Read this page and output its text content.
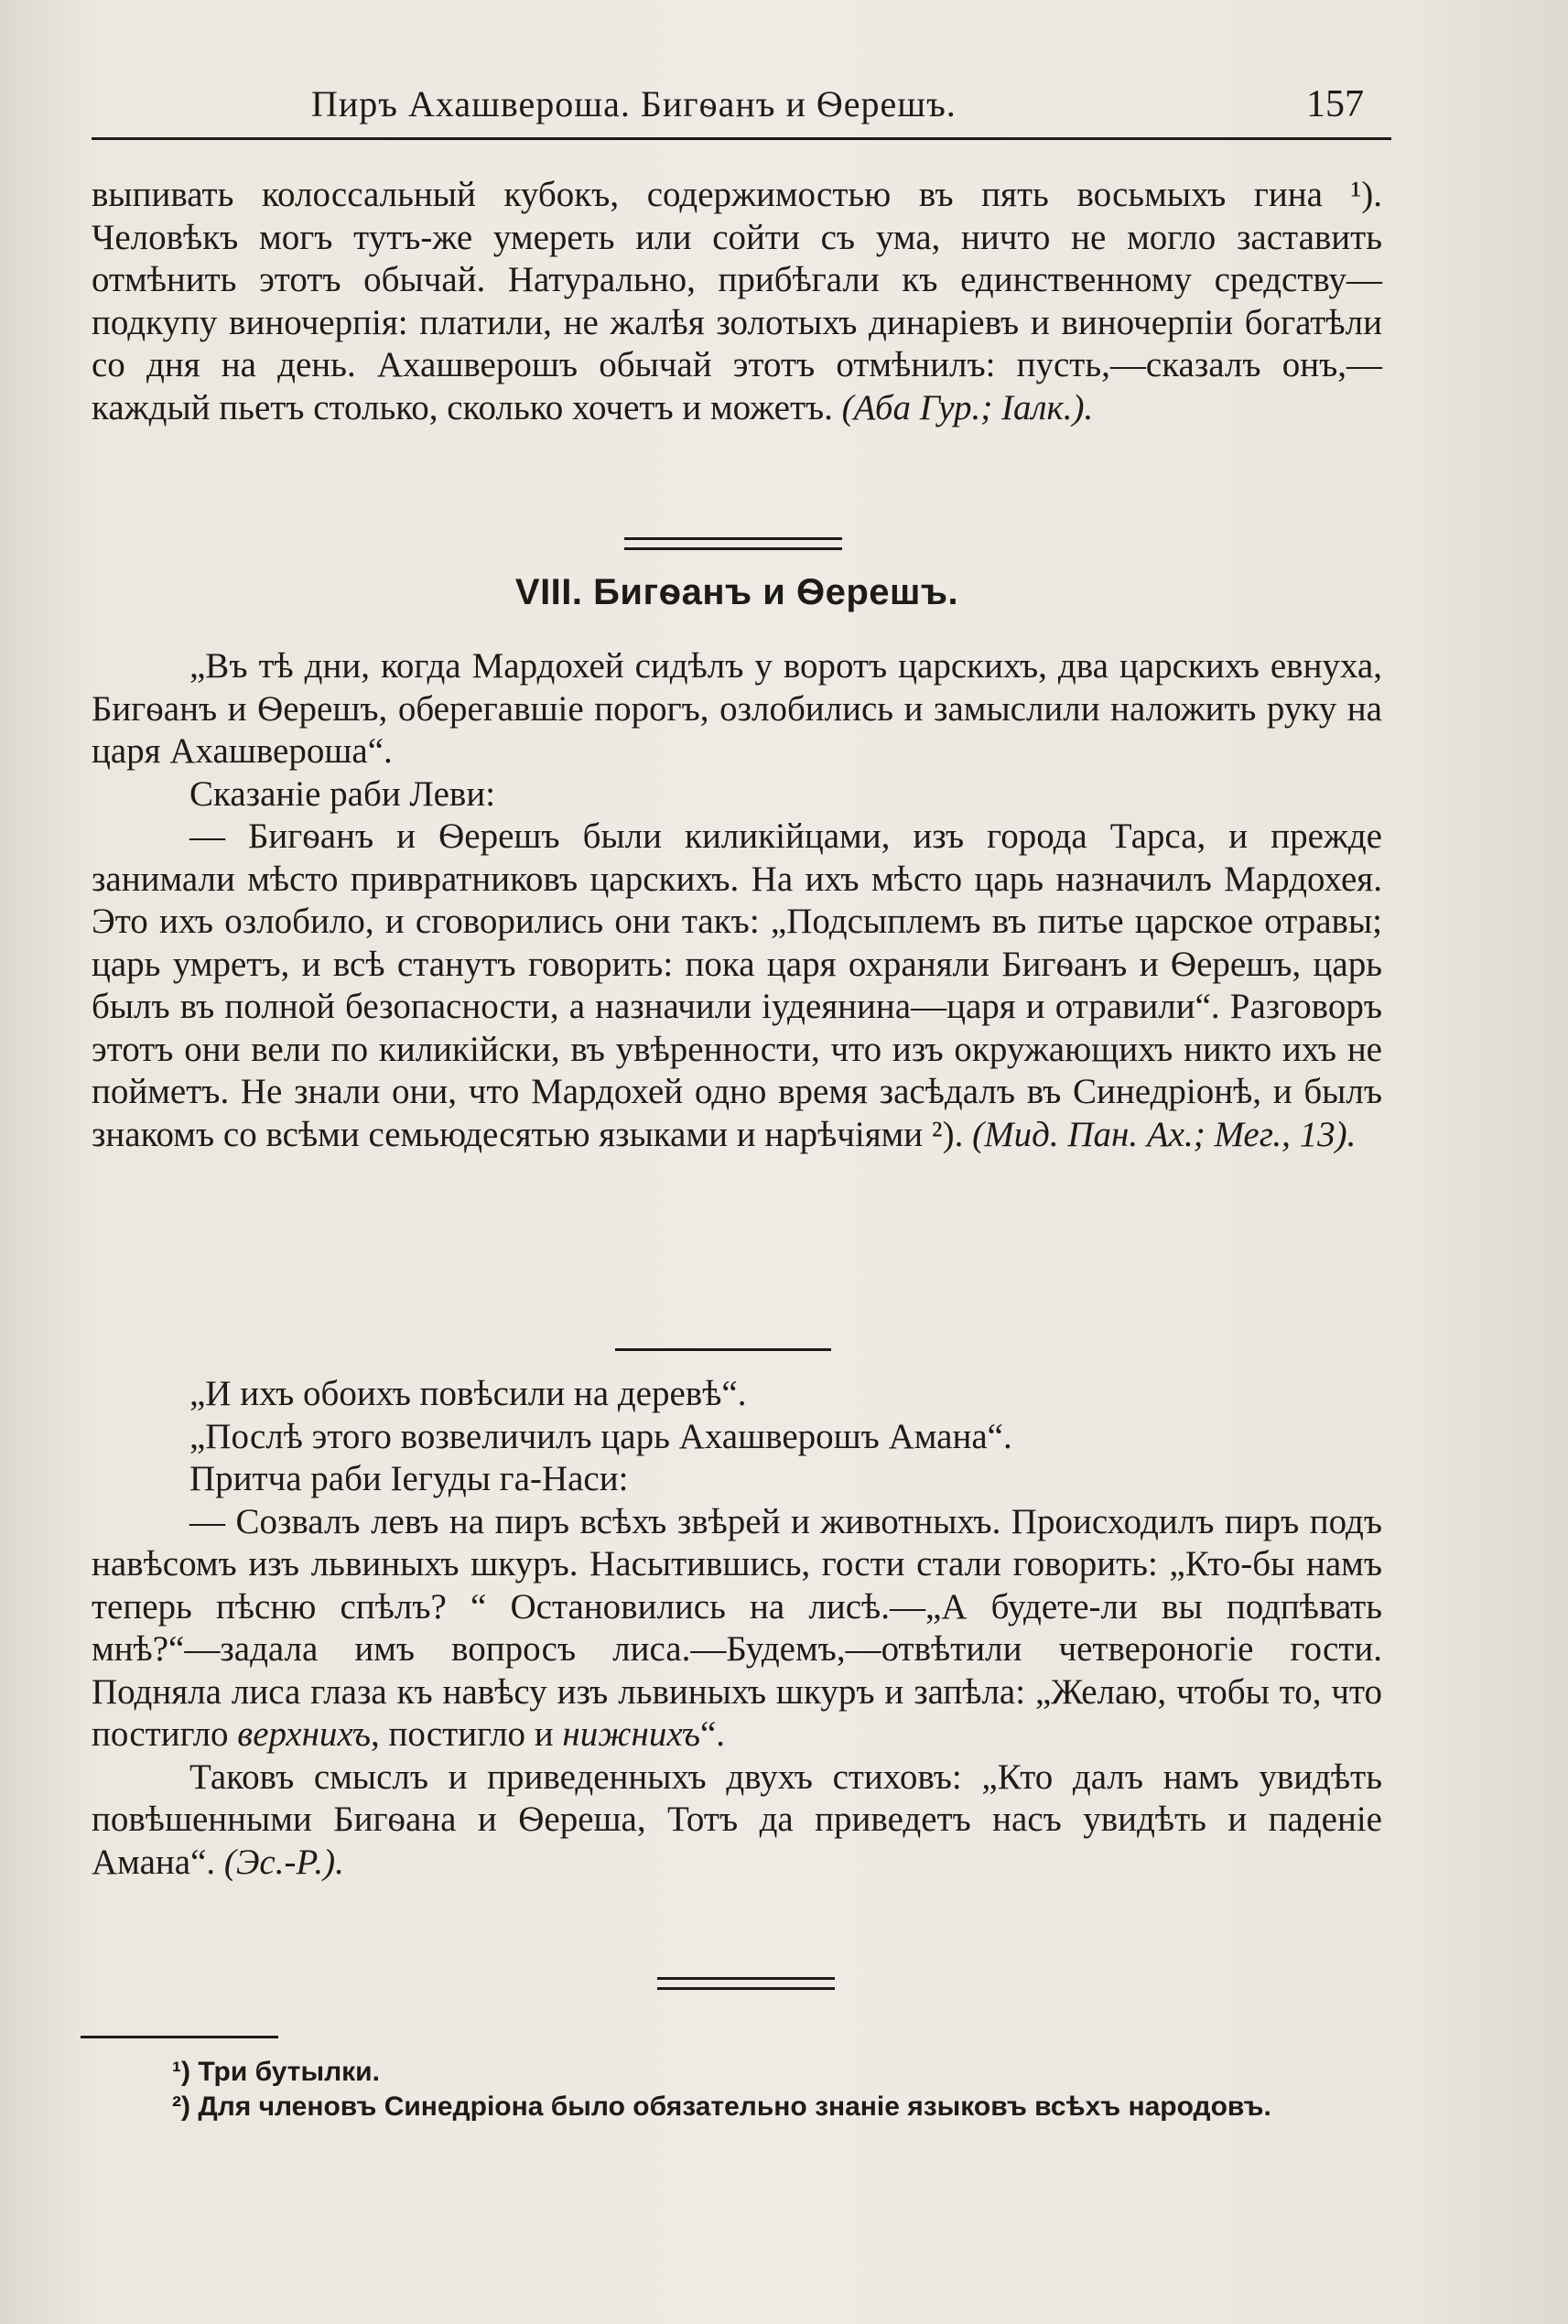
Пиръ Ахашвероша. Бигѳанъ и Ѳерешъ.	157

выпивать колоссальный кубокъ, содержимостью въ пять восьмыхъ гина ¹). Человѣкъ могъ тутъ-же умереть или сойти съ ума, ничто не могло заставить отмѣнить этотъ обычай. Натурально, прибѣгали къ единственному средству—подкупу виночерпія: платили, не жалѣя золотыхъ динаріевъ и виночерпіи богатѣли со дня на день. Ахашверошъ обычай этотъ отмѣнилъ: пусть,—сказалъ онъ,—каждый пьетъ столько, сколько хочетъ и можетъ. (Аба Гур.; Іалк.).

VIII. Бигѳанъ и Ѳерешъ.

„Въ тѣ дни, когда Мардохей сидѣлъ у воротъ царскихъ, два царскихъ евнуха, Бигѳанъ и Ѳерешъ, оберегавшіе порогъ, озлобились и замыслили наложить руку на царя Ахашвероша“.

Сказаніе раби Леви:

— Бигѳанъ и Ѳерешъ были киликійцами, изъ города Тарса, и прежде занимали мѣсто привратниковъ царскихъ. На ихъ мѣсто царь назначилъ Мардохея. Это ихъ озлобило, и сговорились они такъ: „Подсыплемъ въ питье царское отравы; царь умретъ, и всѣ станутъ говорить: пока царя охраняли Бигѳанъ и Ѳерешъ, царь былъ въ полной безопасности, а назначили іудеянина—царя и отравили“. Разговоръ этотъ они вели по киликійски, въ увѣренности, что изъ окружающихъ никто ихъ не пойметъ. Не знали они, что Мардохей одно время засѣдалъ въ Синедріонѣ, и былъ знакомъ со всѣми семьюдесятью языками и нарѣчіями ²). (Мид. Пан. Ах.; Мег., 13).

„И ихъ обоихъ повѣсили на деревѣ“.

„Послѣ этого возвеличилъ царь Ахашверошъ Амана“.

Притча раби Іегуды га-Наси:

— Созвалъ левъ на пиръ всѣхъ звѣрей и животныхъ. Происходилъ пиръ подъ навѣсомъ изъ львиныхъ шкуръ. Насытившись, гости стали говорить: „Кто-бы намъ теперь пѣсню спѣлъ? “ Остановились на лисѣ.—„А будете-ли вы подпѣвать мнѣ?“—задала имъ вопросъ лиса.—Будемъ,—отвѣтили четвероногіе гости. Подняла лиса глаза къ навѣсу изъ львиныхъ шкуръ и запѣла: „Желаю, чтобы то, что постигло верхнихъ, постигло и нижнихъ“.

Таковъ смыслъ и приведенныхъ двухъ стиховъ: „Кто далъ намъ увидѣть повѣшенными Бигѳана и Ѳереша, Тотъ да приведетъ насъ увидѣть и паденіе Амана“. (Эс.-Р.).

¹) Три бутылки.

²) Для членовъ Синедріона было обязательно знаніе языковъ всѣхъ народовъ.
